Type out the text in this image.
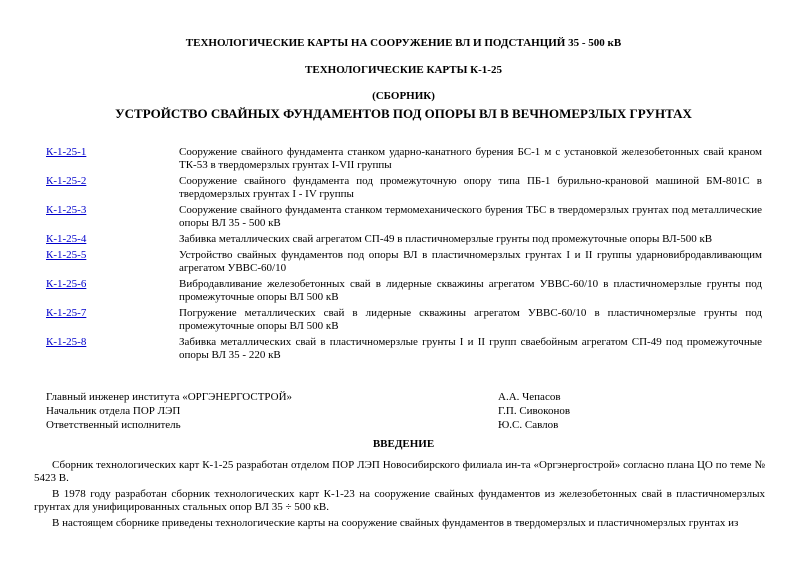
ТЕХНОЛОГИЧЕСКИЕ КАРТЫ НА СООРУЖЕНИЕ ВЛ И ПОДСТАНЦИЙ 35 - 500 кВ
ТЕХНОЛОГИЧЕСКИЕ КАРТЫ К-1-25
(СБОРНИК)
УСТРОЙСТВО СВАЙНЫХ ФУНДАМЕНТОВ ПОД ОПОРЫ ВЛ В ВЕЧНОМЕРЗЛЫХ ГРУНТАХ
К-1-25-1	Сооружение свайного фундамента станком ударно-канатного бурения БС-1 м с установкой железобетонных свай краном ТК-53 в твердомерзлых грунтах I-VII группы
К-1-25-2	Сооружение свайного фундамента под промежуточную опору типа ПБ-1 бурильно-крановой машиной БМ-801С в твердомерзлых грунтах I - IV группы
К-1-25-3	Сооружение свайного фундамента станком термомеханического бурения ТБС в твердомерзлых грунтах под металлические опоры ВЛ 35 - 500 кВ
К-1-25-4	Забивка металлических свай агрегатом СП-49 в пластичномерзлые грунты под промежуточные опоры ВЛ-500 кВ
К-1-25-5	Устройство свайных фундаментов под опоры ВЛ в пластичномерзлых грунтах I и II группы ударновибродавливающим агрегатом УВВС-60/10
К-1-25-6	Вибродавливание железобетонных свай в лидерные скважины агрегатом УВВС-60/10 в пластичномерзлые грунты под промежуточные опоры ВЛ 500 кВ
К-1-25-7	Погружение металлических свай в лидерные скважины агрегатом УВВС-60/10 в пластичномерзлые грунты под промежуточные опоры ВЛ 500 кВ
К-1-25-8	Забивка металлических свай в пластичномерзлые грунты I и II групп сваебойным агрегатом СП-49 под промежуточные опоры ВЛ 35 - 220 кВ
Главный инженер института «ОРГЭНЕРГОСТРОЙ»	А.А. Чепасов
Начальник отдела ПОР ЛЭП	Г.П. Сивоконов
Ответственный исполнитель	Ю.С. Савлов
ВВЕДЕНИЕ

Сборник технологических карт К-1-25 разработан отделом ПОР ЛЭП Новосибирского филиала ин-та «Оргэнергострой» согласно плана ЦО по теме № 5423 В.

В 1978 году разработан сборник технологических карт К-1-23 на сооружение свайных фундаментов из железобетонных свай в пластичномерзлых грунтах для унифицированных стальных опор ВЛ 35 ÷ 500 кВ.

В настоящем сборнике приведены технологические карты на сооружение свайных фундаментов в твердомерзлых и пластичномерзлых грунтах из
